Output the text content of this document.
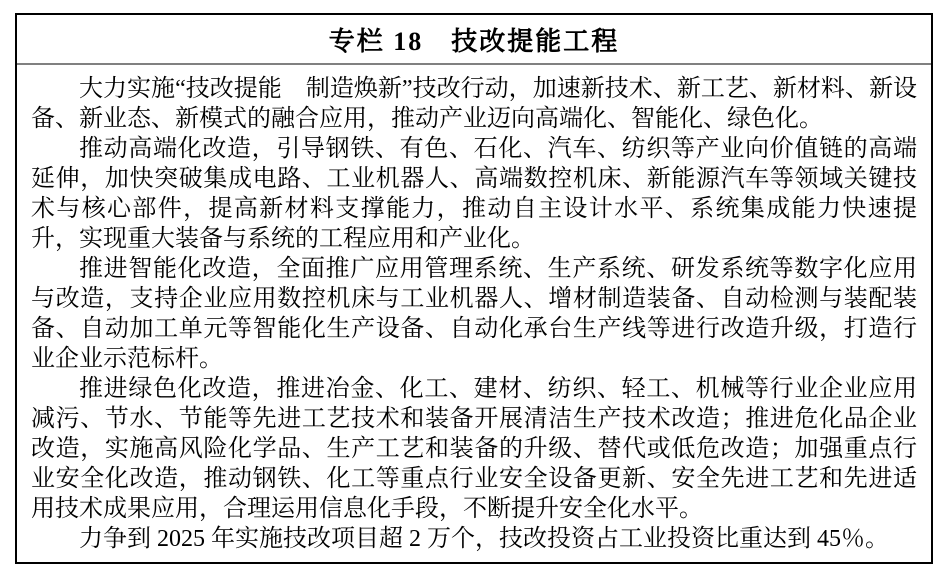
专栏 18　技改提能工程

大力实施“技改提能　制造焕新”技改行动，加速新技术、新工艺、新材料、新设备、新业态、新模式的融合应用，推动产业迈向高端化、智能化、绿色化。

推动高端化改造，引导钢铁、有色、石化、汽车、纺织等产业向价值链的高端延伸，加快突破集成电路、工业机器人、高端数控机床、新能源汽车等领域关键技术与核心部件，提高新材料支撑能力，推动自主设计水平、系统集成能力快速提升，实现重大装备与系统的工程应用和产业化。

推进智能化改造，全面推广应用管理系统、生产系统、研发系统等数字化应用与改造，支持企业应用数控机床与工业机器人、增材制造装备、自动检测与装配装备、自动加工单元等智能化生产设备、自动化承台生产线等进行改造升级，打造行业企业示范标杆。

推进绿色化改造，推进冶金、化工、建材、纺织、轻工、机械等行业企业应用减污、节水、节能等先进工艺技术和装备开展清洁生产技术改造；推进危化品企业改造，实施高风险化学品、生产工艺和装备的升级、替代或低危改造；加强重点行业安全化改造，推动钢铁、化工等重点行业安全设备更新、安全先进工艺和先进适用技术成果应用，合理运用信息化手段，不断提升安全化水平。

力争到 2025 年实施技改项目超 2 万个，技改投资占工业投资比重达到 45％。
